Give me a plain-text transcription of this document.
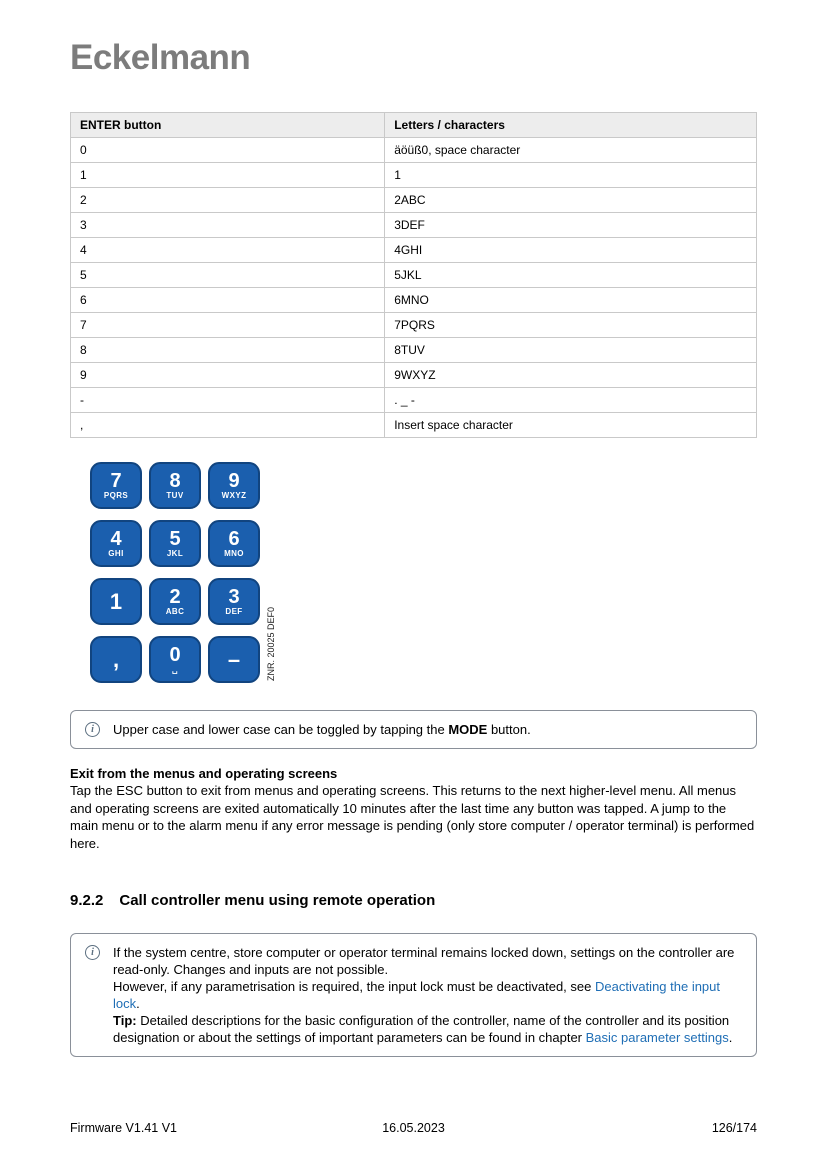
Eckelmann
ENTER button	Letters / characters
0	äöüß0, space character
1	1
2	2ABC
3	3DEF
4	4GHI
5	5JKL
6	6MNO
7	7PQRS
8	8TUV
9	9WXYZ
-	. _ -
,	Insert space character
7
PQRS
8
TUV
9
WXYZ
4
GHI
5
JKL
6
MNO
1 2
ABC
3
DEF
,	0
␣ –	ZNR. 20025 DEF0
i	Upper case and lower case can be toggled by tapping the MODE button.
Exit from the menus and operating screens
Tap the ESC button to exit from menus and operating screens. This returns to the next higher-level menu. All menus and operating screens are exited automatically 10 minutes after the last time any button was tapped. A jump to the main menu or to the alarm menu if any error message is pending (only store computer / operator terminal) is performed here.
9.2.2 Call controller menu using remote operation
i	If the system centre, store computer or operator terminal remains locked down, settings on the controller are read-only. Changes and inputs are not possible.
However, if any parametrisation is required, the input lock must be deactivated, see Deactivating the input lock.
Tip: Detailed descriptions for the basic configuration of the controller, name of the controller and its position designation or about the settings of important parameters can be found in chapter Basic parameter settings.
Firmware V1.41 V1	16.05.2023	126/174
